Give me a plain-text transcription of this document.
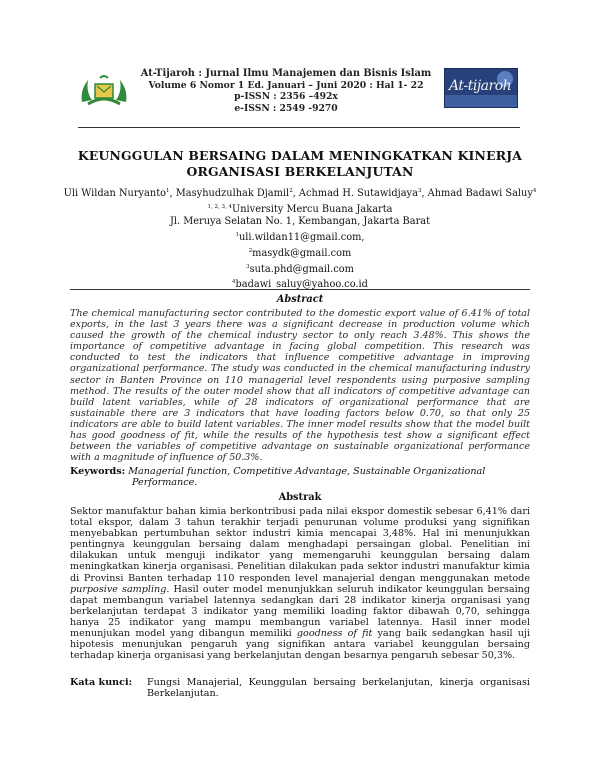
At-Tijaroh : Jurnal Ilmu Manajemen dan Bisnis Islam
Volume 6 Nomor 1 Ed. Januari – Juni 2020 : Hal 1- 22
p-ISSN : 2356 –492x
e-ISSN : 2549 -9270
At-tijaroh
KEUNGGULAN BERSAING DALAM MENINGKATKAN KINERJA
ORGANISASI BERKELANJUTAN
Uli Wildan Nuryanto$^1$, Masyhudzulhak Djamil$^2$, Achmad H. Sutawidjaya$^3$, Ahmad Badawi Saluy$^4$
$^{1, 2, 3, 4}$University Mercu Buana Jakarta
Jl. Meruya Selatan No. 1, Kembangan, Jakarta Barat
$^1$uli.wildan11@gmail.com,
$^2$masydk@gmail.com
$^3$suta.phd@gmail.com
$^4$badawi_saluy@yahoo.co.id
Abstract

The chemical manufacturing sector contributed to the domestic export value of 6.41% of total exports, in the last 3 years there was a significant decrease in production volume which caused the growth of the chemical industry sector to only reach 3.48%. This shows the importance of competitive advantage in facing global competition. This research was conducted to test the indicators that influence competitive advantage in improving organizational performance. The study was conducted in the chemical manufacturing industry sector in Banten Province on 110 managerial level respondents using purposive sampling method. The results of the outer model show that all indicators of competitive advantage can build latent variables, while of 28 indicators of organizational performance that are sustainable there are 3 indicators that have loading factors below 0.70, so that only 25 indicators are able to build latent variables. The inner model results show that the model built has good goodness of fit, while the results of the hypothesis test show a significant effect between the variables of competitive advantage on sustainable organizational performance with a magnitude of influence of 50.3%.

Keywords: Managerial function, Competitive Advantage, Sustainable Organizational
Performance.
Abstrak

Sektor manufaktur bahan kimia berkontribusi pada nilai ekspor domestik sebesar 6,41% dari total ekspor, dalam 3 tahun terakhir terjadi penurunan volume produksi yang signifikan menyebabkan pertumbuhan sektor industri kimia mencapai 3,48%. Hal ini menunjukkan pentingnya keunggulan bersaing dalam menghadapi persaingan global. Penelitian ini dilakukan untuk menguji indikator yang memengaruhi keunggulan bersaing dalam meningkatkan kinerja organisasi. Penelitian dilakukan pada sektor industri manufaktur kimia di Provinsi Banten terhadap 110 responden level manajerial dengan menggunakan metode purposive sampling. Hasil outer model menunjukkan seluruh indikator keunggulan bersaing dapat membangun variabel latennya sedangkan dari 28 indikator kinerja organisasi yang berkelanjutan terdapat 3 indikator yang memiliki loading faktor dibawah 0,70, sehingga hanya 25 indikator yang mampu membangun variabel latennya. Hasil inner model menunjukan model yang dibangun memiliki goodness of fit yang baik sedangkan hasil uji hipotesis menunjukan pengaruh yang signifikan antara variabel keunggulan bersaing terhadap kinerja organisasi yang berkelanjutan dengan besarnya pengaruh sebesar 50,3%.

Kata kunci:	Fungsi Manajerial, Keunggulan bersaing berkelanjutan, kinerja organisasi Berkelanjutan.
